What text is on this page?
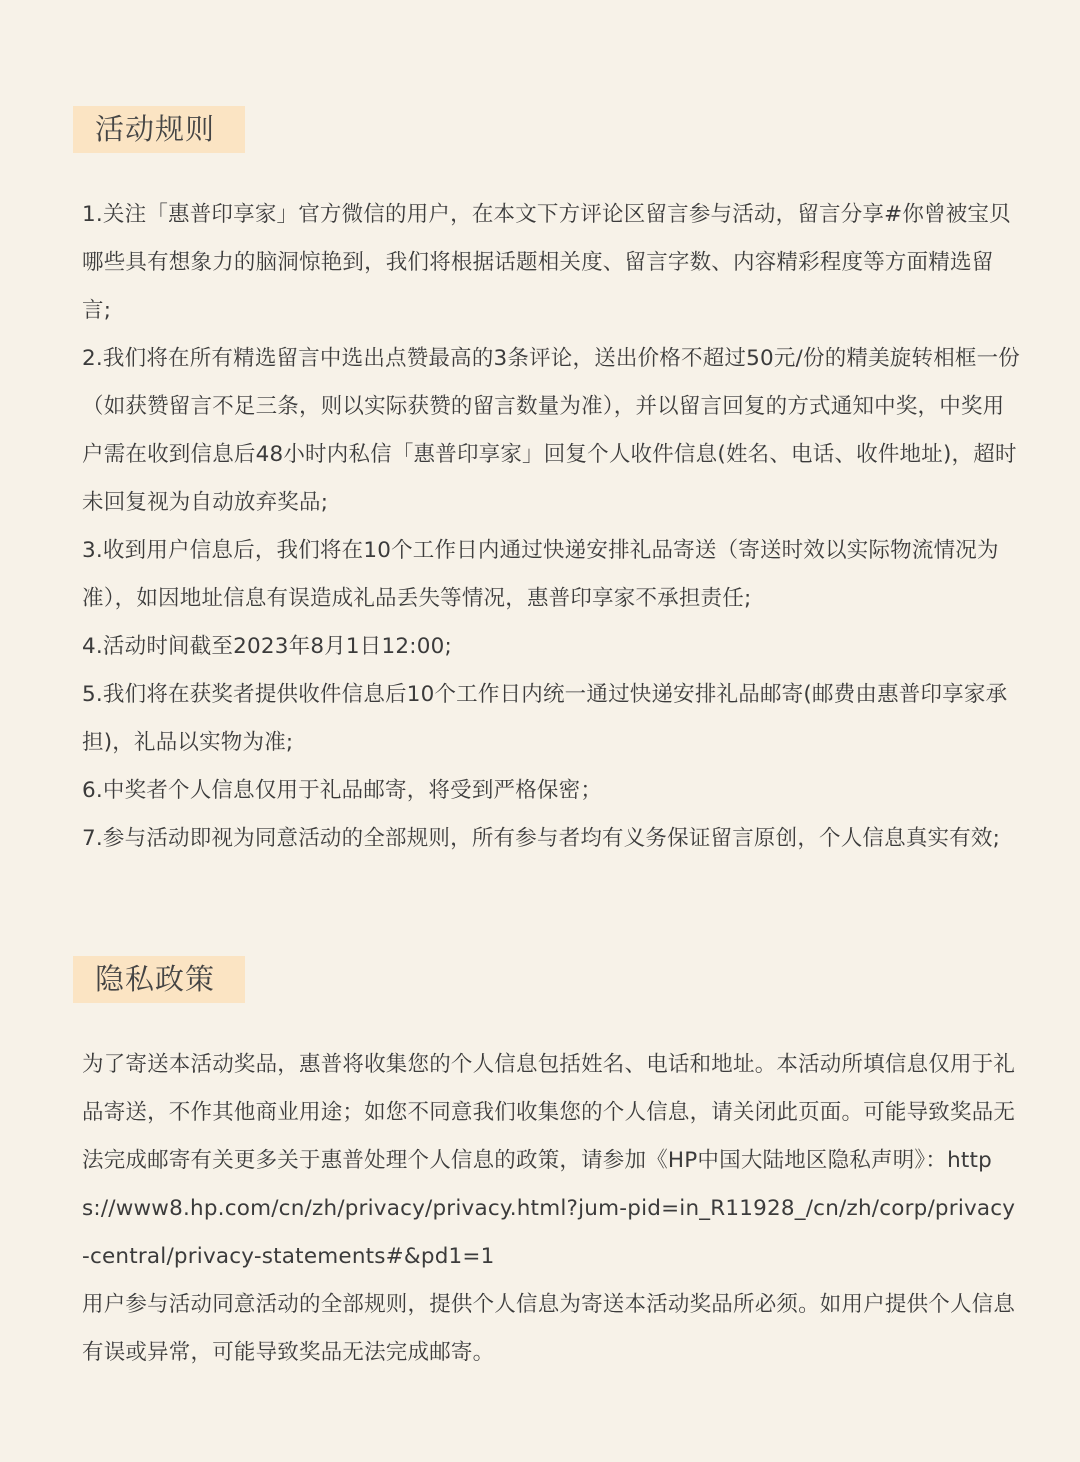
活动规则

1.关注「惠普印享家」官方微信的用户，在本文下方评论区留言参与活动，留言分享#你曾被宝贝哪些具有想象力的脑洞惊艳到，我们将根据话题相关度、留言字数、内容精彩程度等方面精选留言;

2.我们将在所有精选留言中选出点赞最高的3条评论，送出价格不超过50元/份的精美旋转相框一份（如获赞留言不足三条，则以实际获赞的留言数量为准），并以留言回复的方式通知中奖，中奖用户需在收到信息后48小时内私信「惠普印享家」回复个人收件信息(姓名、电话、收件地址)，超时未回复视为自动放弃奖品;

3.收到用户信息后，我们将在10个工作日内通过快递安排礼品寄送（寄送时效以实际物流情况为准），如因地址信息有误造成礼品丢失等情况，惠普印享家不承担责任;

4.活动时间截至2023年8月1日12:00;

5.我们将在获奖者提供收件信息后10个工作日内统一通过快递安排礼品邮寄(邮费由惠普印享家承担)，礼品以实物为准;

6.中奖者个人信息仅用于礼品邮寄，将受到严格保密；

7.参与活动即视为同意活动的全部规则，所有参与者均有义务保证留言原创，个人信息真实有效;

隐私政策

为了寄送本活动奖品，惠普将收集您的个人信息包括姓名、电话和地址。本活动所填信息仅用于礼品寄送，不作其他商业用途；如您不同意我们收集您的个人信息，请关闭此页面。可能导致奖品无法完成邮寄有关更多关于惠普处理个人信息的政策，请参加《HP中国大陆地区隐私声明》：https://www8.hp.com/cn/zh/privacy/privacy.html?jum-pid=in_R11928_/cn/zh/corp/privacy-central/privacy-statements#&pd1=1

用户参与活动同意活动的全部规则，提供个人信息为寄送本活动奖品所必须。如用户提供个人信息有误或异常，可能导致奖品无法完成邮寄。
